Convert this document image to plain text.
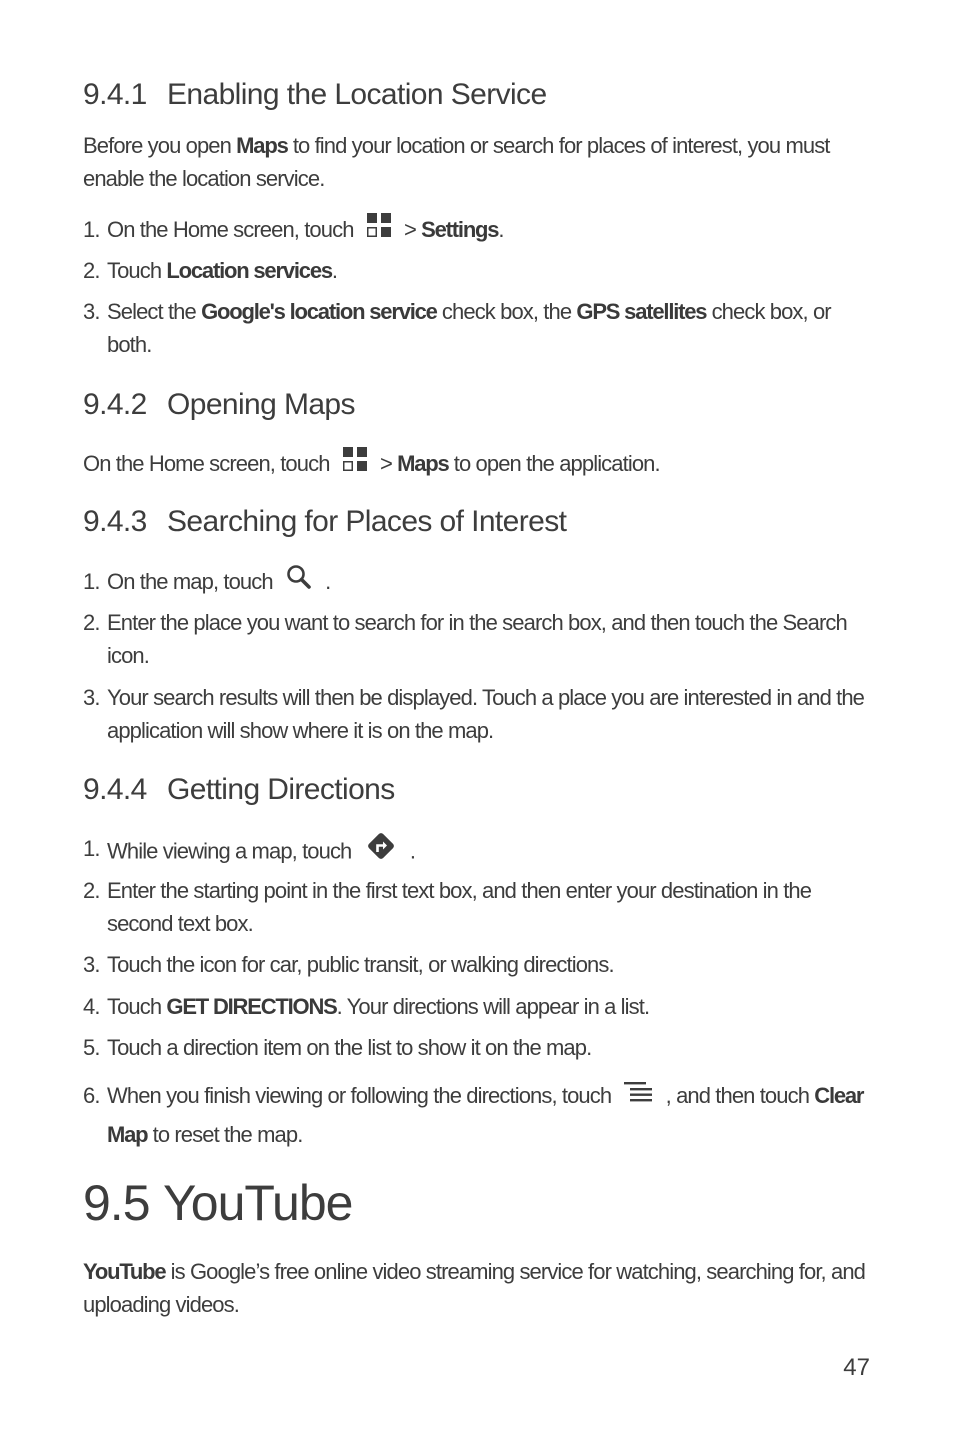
9.4.1 Enabling the Location Service

Before you open Maps to find your location or search for places of interest, you must enable the location service.

1. On the Home screen, touch > Settings.
2. Touch Location services.
3. Select the Google's location service check box, the GPS satellites check box, or both.
9.4.2 Opening Maps

On the Home screen, touch > Maps to open the application.

9.4.3 Searching for Places of Interest
1. On the map, touch .
2. Enter the place you want to search for in the search box, and then touch the Search icon.
3. Your search results will then be displayed. Touch a place you are interested in and the application will show where it is on the map.
9.4.4 Getting Directions
1. While viewing a map, touch	.
2. Enter the starting point in the first text box, and then enter your destination in the second text box.
3. Touch the icon for car, public transit, or walking directions.
4. Touch GET DIRECTIONS. Your directions will appear in a list.
5. Touch a direction item on the list to show it on the map.
6. When you finish viewing or following the directions, touch , and then touch Clear Map to reset the map.
9.5 YouTube

YouTube is Google’s free online video streaming service for watching, searching for, and uploading videos.

47
